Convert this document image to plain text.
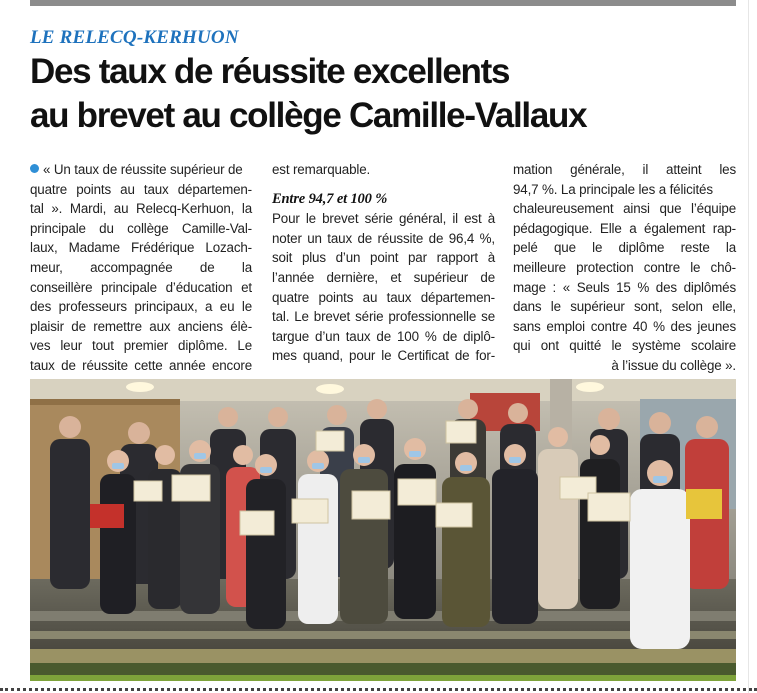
LE RELECQ-KERHUON
Des taux de réussite excellents
au brevet au collège Camille-Vallaux
« Un taux de réussite supérieur de
quatre points au taux départemen-
tal ». Mardi, au Relecq-Kerhuon, la
principale du collège Camille-Val-
laux, Madame Frédérique Lozach-
meur, accompagnée de la
conseillère principale d’éducation et
des professeurs principaux, a eu le
plaisir de remettre aux anciens élè-
ves leur tout premier diplôme. Le
taux de réussite cette année encore
est remarquable.
Entre 94,7 et 100 %
Pour le brevet série général, il est à
noter un taux de réussite de 96,4 %,
soit plus d’un point par rapport à
l’année dernière, et supérieur de
quatre points au taux départemen-
tal. Le brevet série professionnelle se
targue d’un taux de 100 % de diplô-
mes quand, pour le Certificat de for-
mation générale, il atteint les
94,7 %. La principale les a félicités
chaleureusement ainsi que l’équipe
pédagogique. Elle a également rap-
pelé que le diplôme reste la
meilleure protection contre le chô-
mage : « Seuls 15 % des diplômés
dans le supérieur sont, selon elle,
sans emploi contre 40 % des jeunes
qui ont quitté le système scolaire
à l’issue du collège ».
